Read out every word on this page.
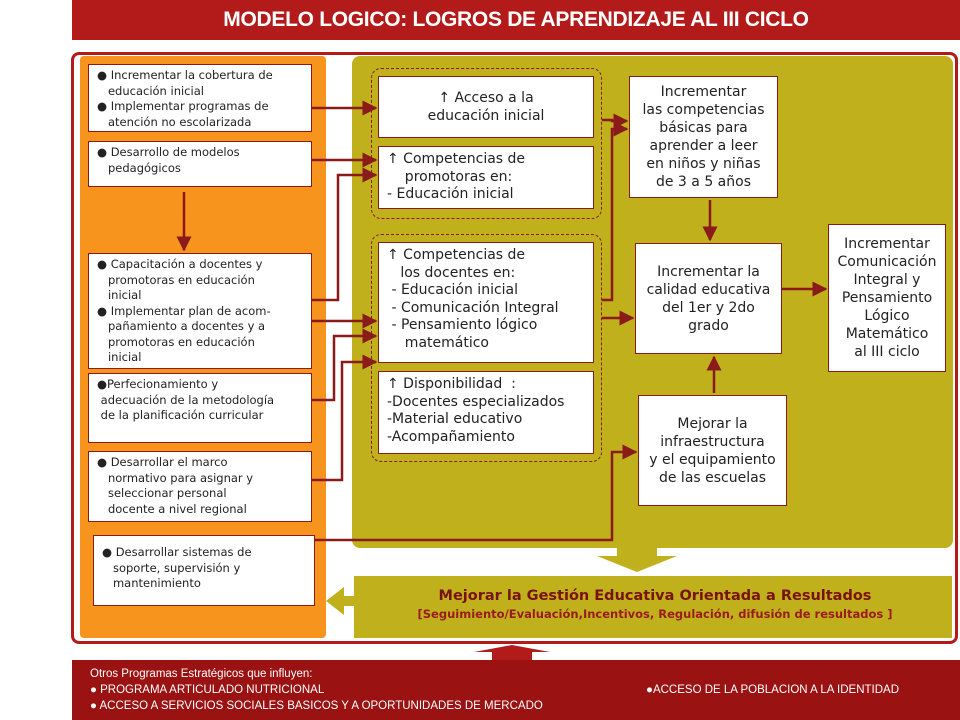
MODELO LOGICO: LOGROS DE APRENDIZAJE AL III CICLO
● Incrementar la cobertura de
educación inicial
● Implementar programas de
atención no escolarizada
● Desarrollo de modelos
pedagógicos
● Capacitación a docentes y
promotoras en educación
inicial
● Implementar plan de acom-
pañamiento a docentes y a
promotoras en educación
inicial
●Perfecionamiento y
adecuación de la metodología
de la planificación curricular
● Desarrollar el marco
normativo para asignar y
seleccionar personal
docente a nivel regional
● Desarrollar sistemas de
soporte, supervisión y
mantenimiento
↑ Acceso a la
educación inicial
↑ Competencias de
promotoras en:
- Educación inicial
↑ Competencias de
los docentes en:
- Educación inicial
- Comunicación Integral
- Pensamiento lógico
matemático
↑ Disponibilidad  :
-Docentes especializados
-Material educativo
-Acompañamiento
Incrementar
las competencias
básicas para
aprender a leer
en niños y niñas
de 3 a 5 años
Incrementar la
calidad educativa
del 1er y 2do
grado
Mejorar la
infraestructura
y el equipamiento
de las escuelas
Incrementar
Comunicación
Integral y
Pensamiento
Lógico
Matemático
al III ciclo
Mejorar la Gestión Educativa Orientada a Resultados
[Seguimiento/Evaluación,Incentivos, Regulación, difusión de resultados ]
Otros Programas Estratégicos que influyen:
● PROGRAMA ARTICULADO NUTRICIONAL	●ACCESO DE LA POBLACION A LA IDENTIDAD
● ACCESO A SERVICIOS SOCIALES BASICOS Y A OPORTUNIDADES DE MERCADO
